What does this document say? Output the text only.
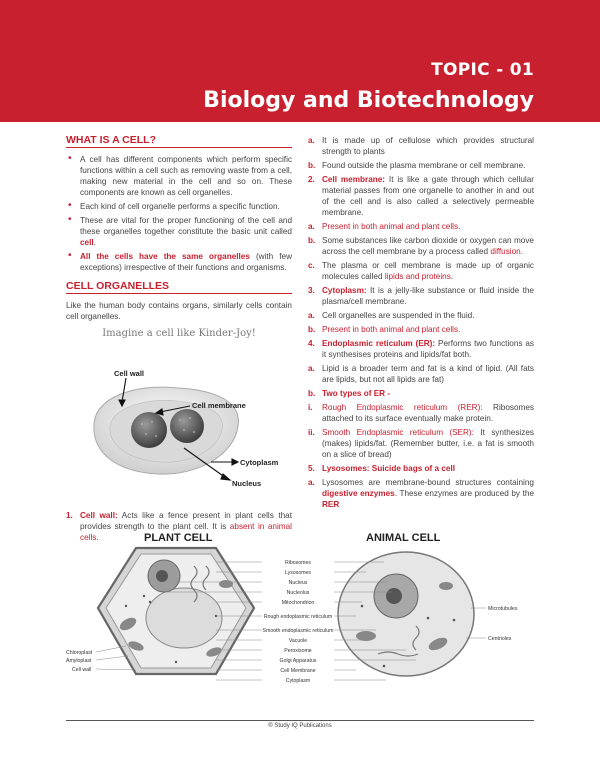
TOPIC - 01
Biology and Biotechnology
WHAT IS A CELL?
• A cell has different components which perform specific functions within a cell such as removing waste from a cell, making new material in the cell and so on. These components are known as cell organelles.
• Each kind of cell organelle performs a specific function.
• These are vital for the proper functioning of the cell and these organelles together constitute the basic unit called cell.
• All the cells have the same organelles (with few exceptions) irrespective of their functions and organisms.
CELL ORGANELLES
Like the human body contains organs, similarly cells contain cell organelles.
Cell wall
Cell membrane
Cytoplasm
Nucleus
Imagine a cell like Kinder-Joy!
1. Cell wall: Acts like a fence present in plant cells that provides strength to the plant cell. It is absent in animal cells.
a. It is made up of cellulose which provides structural strength to plants
b. Found outside the plasma membrane or cell membrane.
2. Cell membrane: It is like a gate through which cellular material passes from one organelle to another in and out of the cell and is also called a selectively permeable membrane.
a. Present in both animal and plant cells.
b. Some substances like carbon dioxide or oxygen can move across the cell membrane by a process called diffusion.
c. The plasma or cell membrane is made up of organic molecules called lipids and proteins.
3. Cytoplasm: It is a jelly-like substance or fluid inside the plasma/cell membrane.
a. Cell organelles are suspended in the fluid.
b. Present in both animal and plant cells.
4. Endoplasmic reticulum (ER): Performs two functions as it synthesises proteins and lipids/fat both.
a. Lipid is a broader term and fat is a kind of lipid. (All fats are lipids, but not all lipids are fat)
b. Two types of ER -
i. Rough Endoplasmic reticulum (RER): Ribosomes attached to its surface eventually make protein.
ii. Smooth Endoplasmic reticulum (SER): It synthesizes (makes) lipids/fat. (Remember butter, i.e. a fat is smooth on a slice of bread)
5. Lysosomes: Suicide bags of a cell
a. Lysosomes are membrane-bound structures containing digestive enzymes. These enzymes are produced by the RER
Ribosomes
Lysosomes
Nucleus
Nucleolus
Mitochondrion
Rough endoplasmic reticulum
Smooth endoplasmic reticulum
Vacuole
Peroxisome
Golgi Apparatus
Cell Membrane
Cytoplasm
Chloroplast
Amyloplast
Cell wall
Microtubules
Centrioles
PLANT CELL	ANIMAL CELL
® Study IQ Publications
